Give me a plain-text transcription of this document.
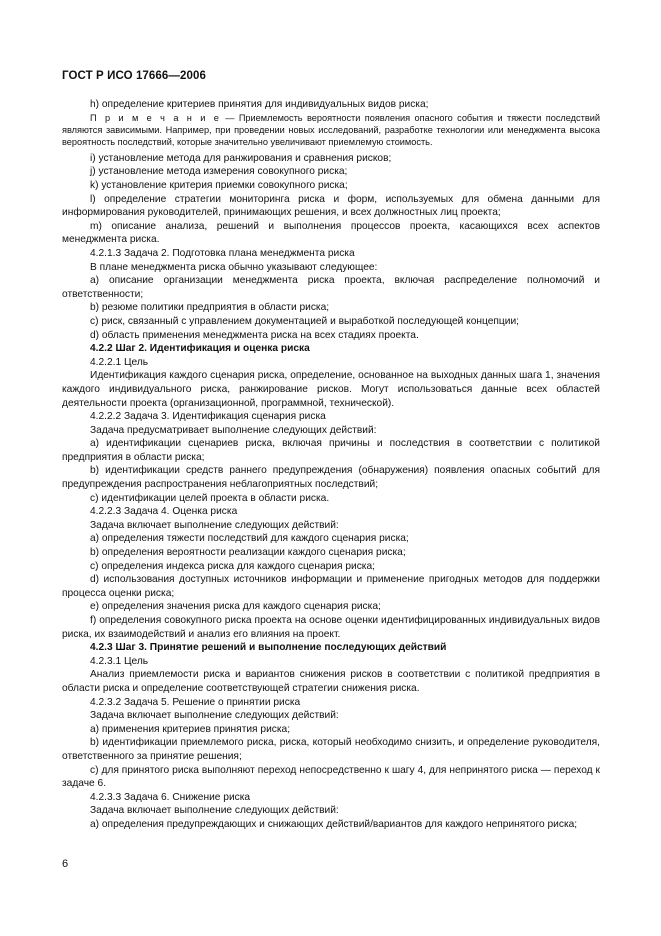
ГОСТ Р ИСО 17666—2006

h) определение критериев принятия для индивидуальных видов риска;

П р и м е ч а н и е — Приемлемость вероятности появления опасного события и тяжести последствий являются зависимыми. Например, при проведении новых исследований, разработке технологии или менеджмента высока вероятность последствий, которые значительно увеличивают приемлемую стоимость.

i) установление метода для ранжирования и сравнения рисков;

j) установление метода измерения совокупного риска;

k) установление критерия приемки совокупного риска;

l) определение стратегии мониторинга риска и форм, используемых для обмена данными для информирования руководителей, принимающих решения, и всех должностных лиц проекта;

m) описание анализа, решений и выполнения процессов проекта, касающихся всех аспектов менеджмента риска.

4.2.1.3 Задача 2. Подготовка плана менеджмента риска

В плане менеджмента риска обычно указывают следующее:

a) описание организации менеджмента риска проекта, включая распределение полномочий и ответственности;

b) резюме политики предприятия в области риска;

c) риск, связанный с управлением документацией и выработкой последующей концепции;

d) область применения менеджмента риска на всех стадиях проекта.

4.2.2 Шаг 2. Идентификация и оценка риска

4.2.2.1 Цель

Идентификация каждого сценария риска, определение, основанное на выходных данных шага 1, значения каждого индивидуального риска, ранжирование рисков. Могут использоваться данные всех областей деятельности проекта (организационной, программной, технической).

4.2.2.2 Задача 3. Идентификация сценария риска

Задача предусматривает выполнение следующих действий:

a) идентификации сценариев риска, включая причины и последствия в соответствии с политикой предприятия в области риска;

b) идентификации средств раннего предупреждения (обнаружения) появления опасных событий для предупреждения распространения неблагоприятных последствий;

c) идентификации целей проекта в области риска.

4.2.2.3 Задача 4. Оценка риска

Задача включает выполнение следующих действий:

a) определения тяжести последствий для каждого сценария риска;

b) определения вероятности реализации каждого сценария риска;

c) определения индекса риска для каждого сценария риска;

d) использования доступных источников информации и применение пригодных методов для поддержки процесса оценки риска;

e) определения значения риска для каждого сценария риска;

f) определения совокупного риска проекта на основе оценки идентифицированных индивидуальных видов риска, их взаимодействий и анализ его влияния на проект.

4.2.3 Шаг 3. Принятие решений и выполнение последующих действий

4.2.3.1 Цель

Анализ приемлемости риска и вариантов снижения рисков в соответствии с политикой предприятия в области риска и определение соответствующей стратегии снижения риска.

4.2.3.2 Задача 5. Решение о принятии риска

Задача включает выполнение следующих действий:

a) применения критериев принятия риска;

b) идентификации приемлемого риска, риска, который необходимо снизить, и определение руководителя, ответственного за принятие решения;

c) для принятого риска выполняют переход непосредственно к шагу 4, для непринятого риска — переход к задаче 6.

4.2.3.3 Задача 6. Снижение риска

Задача включает выполнение следующих действий:

a) определения предупреждающих и снижающих действий/вариантов для каждого непринятого риска;

6
